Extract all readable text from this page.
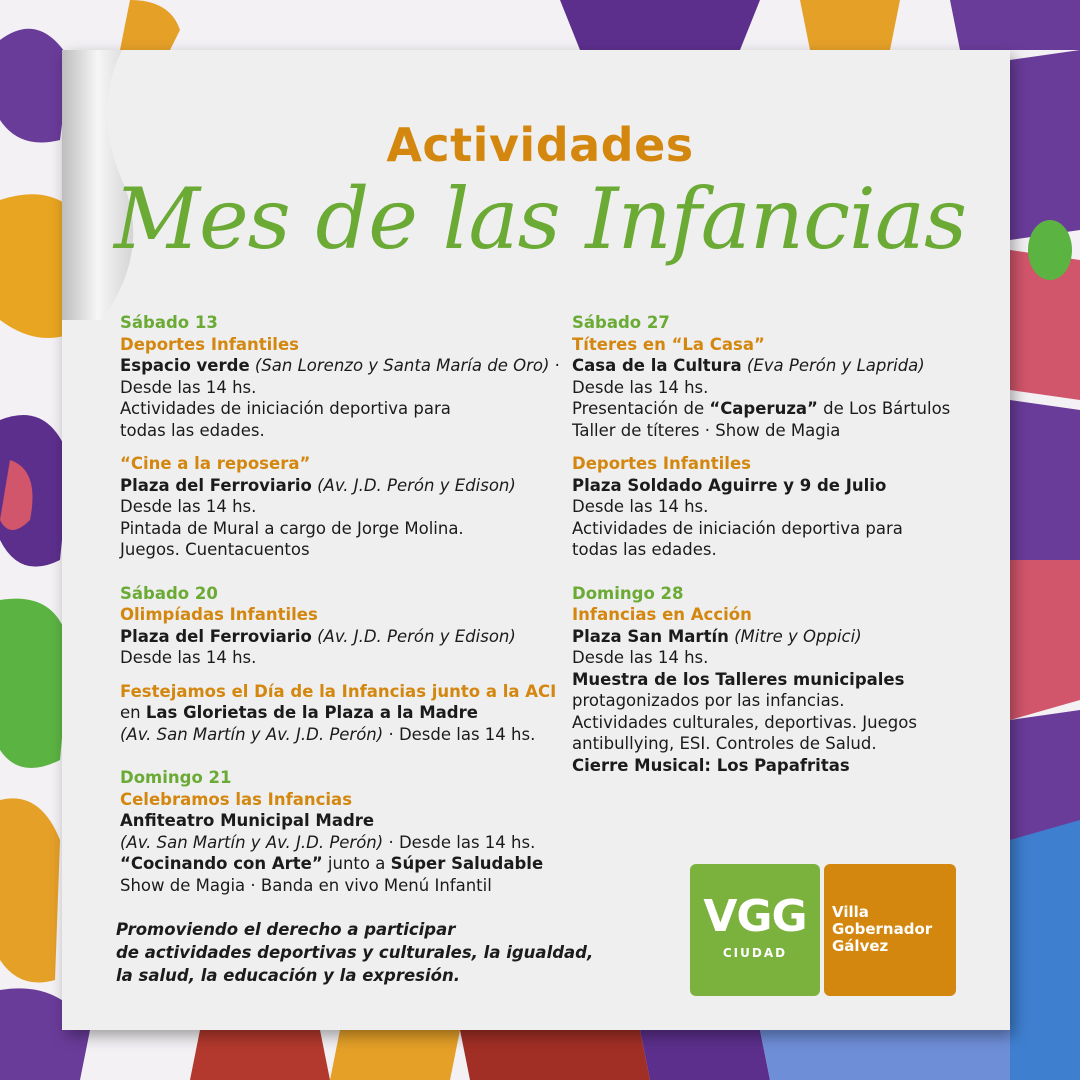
Actividades
Mes de las Infancias
Sábado 13
Deportes Infantiles
Espacio verde (San Lorenzo y Santa María de Oro) · Desde las 14 hs.
Actividades de iniciación deportiva para todas las edades.
“Cine a la reposera”
Plaza del Ferroviario (Av. J.D. Perón y Edison)
Desde las 14 hs.
Pintada de Mural a cargo de Jorge Molina.
Juegos. Cuentacuentos
Sábado 20
Olimpíadas Infantiles
Plaza del Ferroviario (Av. J.D. Perón y Edison)
Desde las 14 hs.
Festejamos el Día de la Infancias junto a la ACI
en Las Glorietas de la Plaza a la Madre
(Av. San Martín y Av. J.D. Perón) · Desde las 14 hs.
Domingo 21
Celebramos las Infancias
Anfiteatro Municipal Madre
(Av. San Martín y Av. J.D. Perón) · Desde las 14 hs.
“Cocinando con Arte” junto a Súper Saludable
Show de Magia · Banda en vivo Menú Infantil
Sábado 27
Títeres en “La Casa”
Casa de la Cultura (Eva Perón y Laprida)
Desde las 14 hs.
Presentación de “Caperuza” de Los Bártulos
Taller de títeres · Show de Magia
Deportes Infantiles
Plaza Soldado Aguirre y 9 de Julio
Desde las 14 hs.
Actividades de iniciación deportiva para todas las edades.
Domingo 28
Infancias en Acción
Plaza San Martín (Mitre y Oppici)
Desde las 14 hs.
Muestra de los Talleres municipales
protagonizados por las infancias.
Actividades culturales, deportivas. Juegos antibullying, ESI. Controles de Salud.
Cierre Musical: Los Papafritas
Promoviendo el derecho a participar
de actividades deportivas y culturales, la igualdad,
la salud, la educación y la expresión.
VGG
CIUDAD
Villa
Gobernador
Gálvez
